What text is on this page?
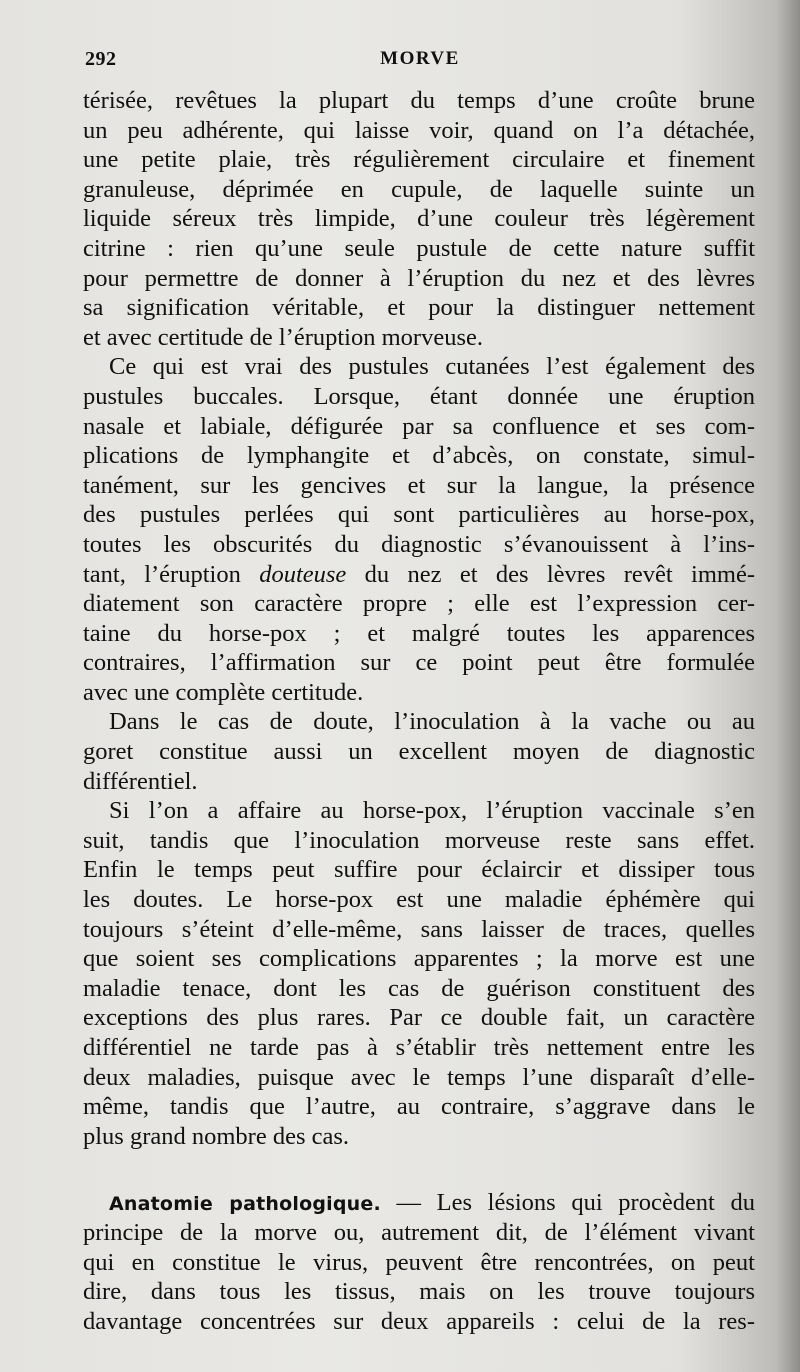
292	MORVE
térisée, revêtues la plupart du temps d’une croûte brune
un peu adhérente, qui laisse voir, quand on l’a détachée,
une petite plaie, très régulièrement circulaire et finement
granuleuse, déprimée en cupule, de laquelle suinte un
liquide séreux très limpide, d’une couleur très légèrement
citrine : rien qu’une seule pustule de cette nature suffit
pour permettre de donner à l’éruption du nez et des lèvres
sa signification véritable, et pour la distinguer nettement
et avec certitude de l’éruption morveuse.
Ce qui est vrai des pustules cutanées l’est également des
pustules buccales. Lorsque, étant donnée une éruption
nasale et labiale, défigurée par sa confluence et ses com-
plications de lymphangite et d’abcès, on constate, simul-
tanément, sur les gencives et sur la langue, la présence
des pustules perlées qui sont particulières au horse-pox,
toutes les obscurités du diagnostic s’évanouissent à l’ins-
tant, l’éruption douteuse du nez et des lèvres revêt immé-
diatement son caractère propre ; elle est l’expression cer-
taine du horse-pox ; et malgré toutes les apparences
contraires, l’affirmation sur ce point peut être formulée
avec une complète certitude.
Dans le cas de doute, l’inoculation à la vache ou au
goret constitue aussi un excellent moyen de diagnostic
différentiel.
Si l’on a affaire au horse-pox, l’éruption vaccinale s’en
suit, tandis que l’inoculation morveuse reste sans effet.
Enfin le temps peut suffire pour éclaircir et dissiper tous
les doutes. Le horse-pox est une maladie éphémère qui
toujours s’éteint d’elle-même, sans laisser de traces, quelles
que soient ses complications apparentes ; la morve est une
maladie tenace, dont les cas de guérison constituent des
exceptions des plus rares. Par ce double fait, un caractère
différentiel ne tarde pas à s’établir très nettement entre les
deux maladies, puisque avec le temps l’une disparaît d’elle-
même, tandis que l’autre, au contraire, s’aggrave dans le
plus grand nombre des cas.
Anatomie pathologique. — Les lésions qui procèdent du
principe de la morve ou, autrement dit, de l’élément vivant
qui en constitue le virus, peuvent être rencontrées, on peut
dire, dans tous les tissus, mais on les trouve toujours
davantage concentrées sur deux appareils : celui de la res-
